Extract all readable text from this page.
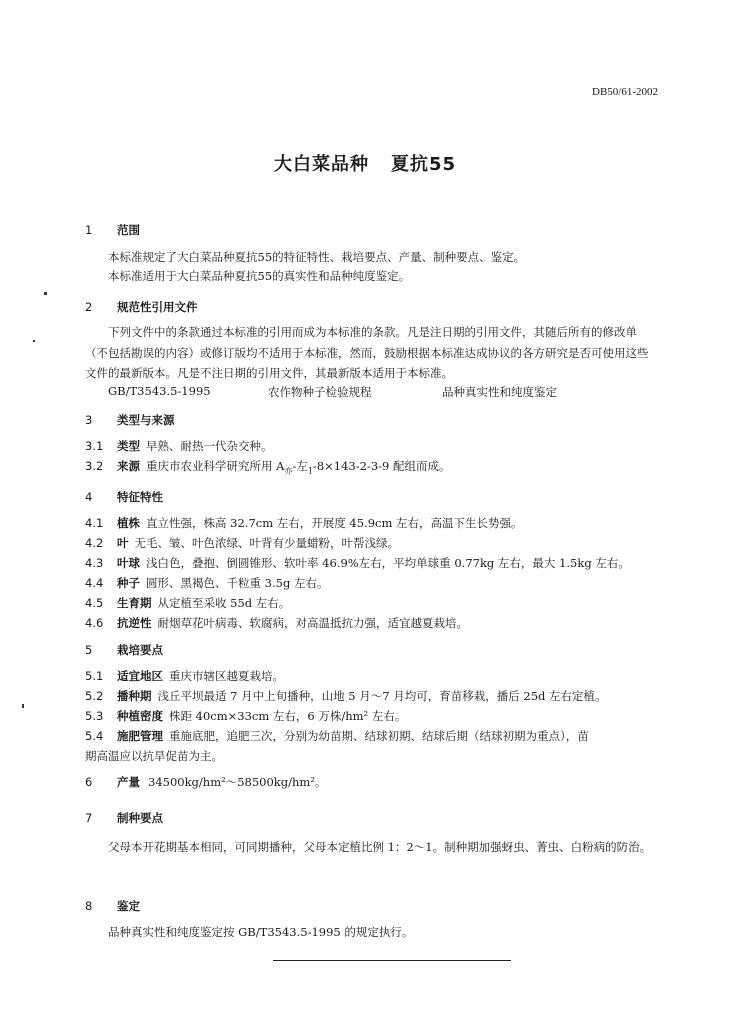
DB50/61-2002
大白菜品种 夏抗55
1 范围
本标准规定了大白菜品种夏抗55的特征特性、栽培要点、产量、制种要点、鉴定。
本标准适用于大白菜品种夏抗55的真实性和品种纯度鉴定。
2 规范性引用文件
下列文件中的条款通过本标准的引用而成为本标准的条款。凡是注日期的引用文件，其随后所有的修改单（不包括勘误的内容）或修订版均不适用于本标准，然而，鼓励根据本标准达成协议的各方研究是否可使用这些文件的最新版本。凡是不注日期的引用文件，其最新版本适用于本标准。
GB/T3543.5-1995	农作物种子检验规程	品种真实性和纯度鉴定
3 类型与来源
3.1 类型 早熟、耐热一代杂交种。
3.2 来源 重庆市农业科学研究所用 $A_亦-$左$_1$-8×143-2-3-9 配组而成。
4 特征特性
4.1 植株 直立性强，株高 32.7cm 左右，开展度 45.9cm 左右，高温下生长势强。
4.2 叶 无毛、皱、叶色浓绿、叶背有少量蜡粉，叶帮浅绿。
4.3 叶球 浅白色，叠抱、倒圆锥形、软叶率 46.9%左右，平均单球重 0.77kg 左右，最大 1.5kg 左右。
4.4 种子 圆形、黑褐色、千粒重 3.5g 左右。
4.5 生育期 从定植至采收 55d 左右。
4.6 抗逆性 耐烟草花叶病毒、软腐病，对高温抵抗力强，适宜越夏栽培。
5 栽培要点
5.1 适宜地区 重庆市辖区越夏栽培。
5.2 播种期 浅丘平坝最适 7 月中上旬播种，山地 5 月～7 月均可，育苗移栽，播后 25d 左右定植。
5.3 种植密度 株距 40cm×33cm 左右，6 万株/hm² 左右。
5.4 施肥管理 重施底肥，追肥三次，分别为幼苗期、结球初期、结球后期（结球初期为重点），苗
期高温应以抗旱促苗为主。
6 产量 34500kg/hm²～58500kg/hm²。
7 制种要点
父母本开花期基本相同，可同期播种，父母本定植比例 1：2～1。制种期加强蚜虫、菁虫、白粉病的防治。
8 鉴定
品种真实性和纯度鉴定按 GB/T3543.5-1995 的规定执行。
